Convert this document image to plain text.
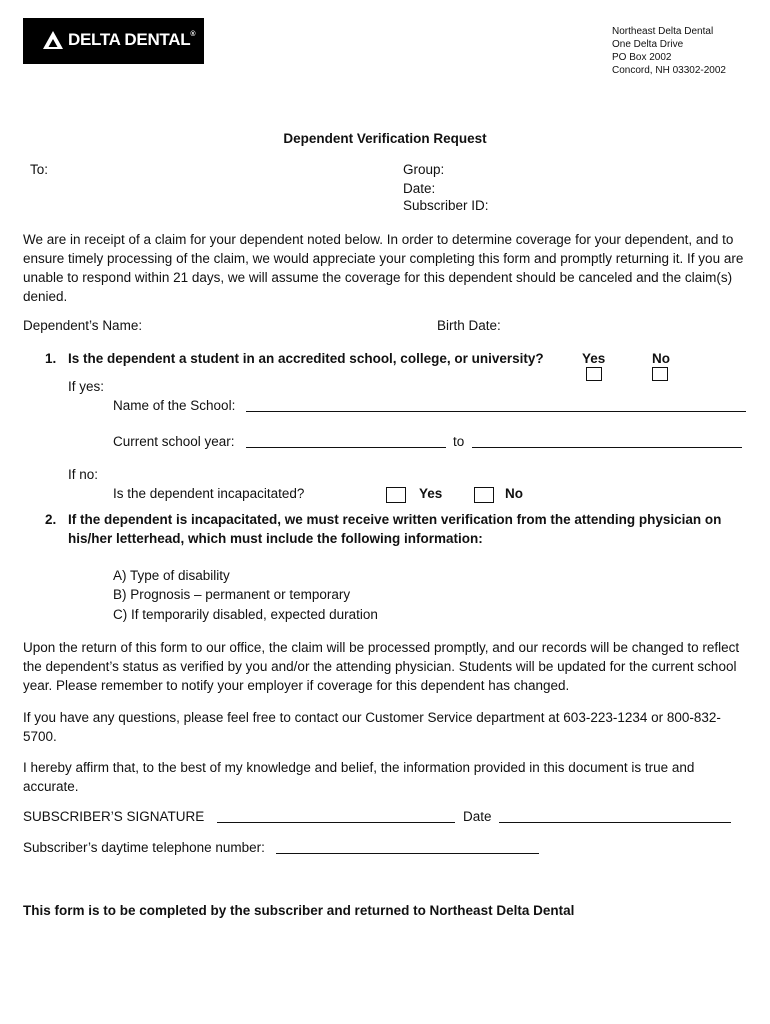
DELTA DENTAL®	Northeast Delta Dental
One Delta Drive
PO Box 2002
Concord, NH 03302-2002
Dependent Verification Request
To:	Group:
Date:
Subscriber ID:
We are in receipt of a claim for your dependent noted below. In order to determine coverage for your dependent, and to ensure timely processing of the claim, we would appreciate your completing this form and promptly returning it. If you are unable to respond within 21 days, we will assume the coverage for this dependent should be canceled and the claim(s) denied.
Dependent’s Name:	Birth Date:
1. Is the dependent a student in an accredited school, college, or university?	Yes	No
If yes:
Name of the School:
Current school year:	to
If no:
Is the dependent incapacitated?	Yes	No
2. If the dependent is incapacitated, we must receive written verification from the attending physician on
his/her letterhead, which must include the following information:
A) Type of disability
B) Prognosis – permanent or temporary
C) If temporarily disabled, expected duration
Upon the return of this form to our office, the claim will be processed promptly, and our records will be changed to reflect the dependent’s status as verified by you and/or the attending physician. Students will be updated for the current school year. Please remember to notify your employer if coverage for this dependent has changed.
If you have any questions, please feel free to contact our Customer Service department at 603-223-1234 or 800-832-5700.
I hereby affirm that, to the best of my knowledge and belief, the information provided in this document is true and accurate.
SUBSCRIBER’S SIGNATURE	Date
Subscriber’s daytime telephone number:
This form is to be completed by the subscriber and returned to Northeast Delta Dental
